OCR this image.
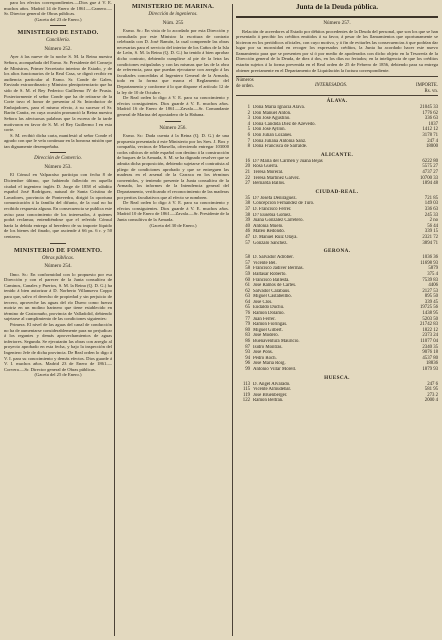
para los efectos correspondientes.—Dios gue á V. E. muchos años. Madrid 14 de Enero de 1861.—Carnero.—Sr. Director general de Obras públicas.

(Gaceta del 23 de Enero.)

MINISTERIO DE ESTADO.

Cancillería.

Número 252.

Ayer á las nueve de la noche S. M. la Reina nuestra Señora, acompañada del Exmo. Sr. Presidente del Consejo de Ministros, Primer Secretario interino de Estado, y de los altos funcionarios de la Real Casa, se dignó recibir en audiencia particular al Exmo. Sr. Conde de Galen, Enviado extraordinario y Ministro plenipotenciario que ha sido de S. M. el Rey Federico Guillermo IV de Prusia. Posteriormente el señor Conde que ha de retirarse de la Corte tuvo el honor de presentar al Sr. Introductor de Embajadores, para el mismo efecto, á su sucesor el Sr. Barón Canitz, en cuya ocasión pronunció la Reina nuestra Señora las afectuosas palabras que la escena de la tarde motivaron en favor de S. M. el Rey Guillermo I en esta corte.

S. M. recibió dicha carta, manifestó al señor Conde el agrado con que le veía continuar en la honrosa misión que tan dignamente desempeñaba.

Dirección de Comercio.

Número 253.

El Cónsul en Valparaíso participa con fecha 8 de Diciembre último, que habiendo fallecido en aquella ciudad el ingeniero inglés D. Jorge de 1858 el súbdito español José Rodríguez, natural de Santa Cristina de Lavadores, provincia de Pontevedra, dirigió la oportuna comunicación á la familia del difunto, de la cual no ha recibido respuesta alguna. En consecuencia se publica este aviso para conocimiento de los interesados, á quienes podrá reclamar, entendiéndose que el referido Cónsul haría la debida entrega al heredero de su importe líquido de los bienes del finado, que asciende á 66 ps. 6 r. y 50 centavos.

MINISTERIO DE FOMENTO.

Obras públicas.

Número 254.

Ilmo. Sr.: En conformidad con lo propuesto por esa Dirección y con el parecer de la Junta consultiva de Caminos, Canales y Puertos, S. M. la Reina (Q. D. G.) ha tenido á bien autorizar á D. Norberto Villanueva Coppo para que, salvo el derecho de propiedad y sin perjuicio de tercero, aproveche las aguas del río Duero como fuerza motriz en un molino harinero que tiene establecido en término de Castronuño, provincia de Valladolid, debiendo sujetarse al cumplimiento de las condiciones siguientes:

Primera. El nivel de las aguas del canal de conducción no ha de aumentarse considerablemente para no perjudicar á los regantes y demás aprovechamientos de aguas inferiores. Segunda. Se ejecutarán las obras con arreglo al proyecto aprobado en esta fecha, y bajo la inspección del Ingeniero Jefe de dicha provincia. De Real orden lo digo á V. I. para su conocimiento y demás efectos. Dios guarde á V. I. muchos años. Madrid 23 de Enero de 1861.—Corvera.—Sr. Director general de Obras públicas.

(Gaceta del 25 de Enero.)

MINISTERIO DE MARINA.

Dirección de ingenieros.

Núm. 255

Exmo. Sr.: En vista de lo acordado por esta Dirección y consultada por este Ministro la escritura de contrato celebrada con D. José Ramón, la cual comprende las obras necesarias para el servicio del interior de los Caños de la Isla de León, S. M. la Reina (Q. D. G.) ha tenido á bien aprobar dicho contrato, debiendo cumplirse al pie de la letra las condiciones estipuladas y con las mismas que las de la obra de referencia, para que puedan ejecutarse con arreglo á las facultades concedidas al Ingeniero General de la Armada, todo en la forma que marca el Reglamento del Departamento y conforme á lo que dispone el artículo 12 de la ley de 10 de Octubre.

De Real orden lo digo á V. E. para su conocimiento y efectos consiguientes. Dios guarde á V. E. muchos años. Madrid 16 de Enero de 1861.—Zavala.—Sr. Comandante general de Marina del apostadero de la Habana.

Número 256.

Exmo. Sr.: Dada cuenta á la Reina (Q. D. G.) de una propuesta presentada á este Ministerio por los Sres. J. Box y compañía, vecinos de Marsella, ofreciendo entregar 103000 codos cúbicos de roble español con destino á la construcción de buques de la Armada, S. M. se ha dignado resolver que se admita dicha proposición, debiendo sujetarse el contratista al pliego de condiciones aprobado y que se entreguen las maderas en el arsenal de la Carraca en los términos convenidos, y teniendo presente la Junta consultiva de la Armada, los informes de la Intendencia general del Departamento, verificando el reconocimiento de las maderas por peritos facultativos que al efecto se nombren.

De Real orden lo digo á V. E. para su conocimiento y efectos consiguientes. Dios guarde á V. E. muchos años. Madrid 10 de Enero de 1861.—Zavala.—Sr. Presidente de la Junta consultiva de la Armada.

(Gaceta del 30 de Enero.)

Junta de la Deuda pública.

Número 257.

Relación de acreedores al Estado por débitos procedentes de la Deuda del personal, que son los que se han presentado á percibir los créditos emitidos á su favor, á pesar de los llamamientos que oportunamente se hicieron en los periódicos oficiales, con cuyo motivo, y á fin de evitarles las consecuencias á que podrían dar lugar por su morosidad en recoger los expresados créditos, la Junta ha acordado hacer este nuevo llamamiento para que se presenten por sí ó por medio de apoderados con dicho objeto en la Tesorería de la Dirección general de la Deuda, de diez á dos, en los días no feriados; en la inteligencia de que los créditos estarán sujetos á la forma prevenida en el Real orden de 25 de Febrero de 1856, debiendo para su entrega obtener previamente en el Departamento de Liquidación la factura correspondiente.

Números de orden.	INTERESADOS.	IMPORTE.
Rs. vn.
ÁLAVA.
1 Doña María Ignacia Alava.	21045 33
2 Don Manuel Anton.	1776 62
3 Don José Agustino.	336 63
4 Doña Cándida Díez de Azevedo.	1037
5 Don José Ayllón.	1412 12
6 Don Julian Lozanes.	3178 71
7 Doña Juliana Antonia Sanz.	247 4
8 Doña Francisca de Sarralde.	18000
ALICANTE.
16 D.ª María del Carmen y Juana Bejas	6222 80
20 Rosa Guerra.	5575 27
21 Teresa Moreral.	4737 27
22 Teresa Martínez Galvez.	10700 33
27 Bernarda Ballós.	1894 48
CIUDAD-REAL.
35 D.ª Josefa Deniraguez.	721 85
38 Concepcion Fernandez de Turo.	149 03
37 D. Francisco Ferrer.	336 63
38 D.ª Eusebia Gomez.	245 33
39 Juana González Carretero.	2 no
40 Antonia Muelo.	56 44
46 Mateo Redondo.	339 15
47 D. Manuel Ruiz Olaya.	2321 72
57 Gonzalo Sánchez.	3894 71
GERONA.
58 D. Salvador Adrobér.	1036 36
57 Vicente Bel.	11698 93
58 Francisco Jadiver Bermas.	5879
59 Baltasar Roberto.	375 4
60 Francisco Ballestá.	7539 83
61 José Ramos de Cartes.	4406
62 Salvador Carabaus.	2127 53
63 Miguel Castabellbó.	895 50
64 José Clos.	339 45
65 Eudaldo Duchú.	19725 56
76 Ramon Dolamo.	1438 95
77 Juan Ferrer.	5203 50
79 Ramon Fioringas.	21742 83
80 Miguel Gilbert.	1822 12
83 José Modero.	2373 24
86 Buenaventura Mauricio.	11077 04
87 Isidro Montras.	2340 35
93 José Pons.	9076 18
94 Pedro Roch.	4537 80
96 José María Roig.	18836
99 Antonio Villar Morell.	1879 93
HUESCA.
113 D. Angel Alvarado.	247 6
115 Vicente Almudébar.	581 95
119 José Bruenberger.	273 2
122 Ramon Beltran.	2000 4
